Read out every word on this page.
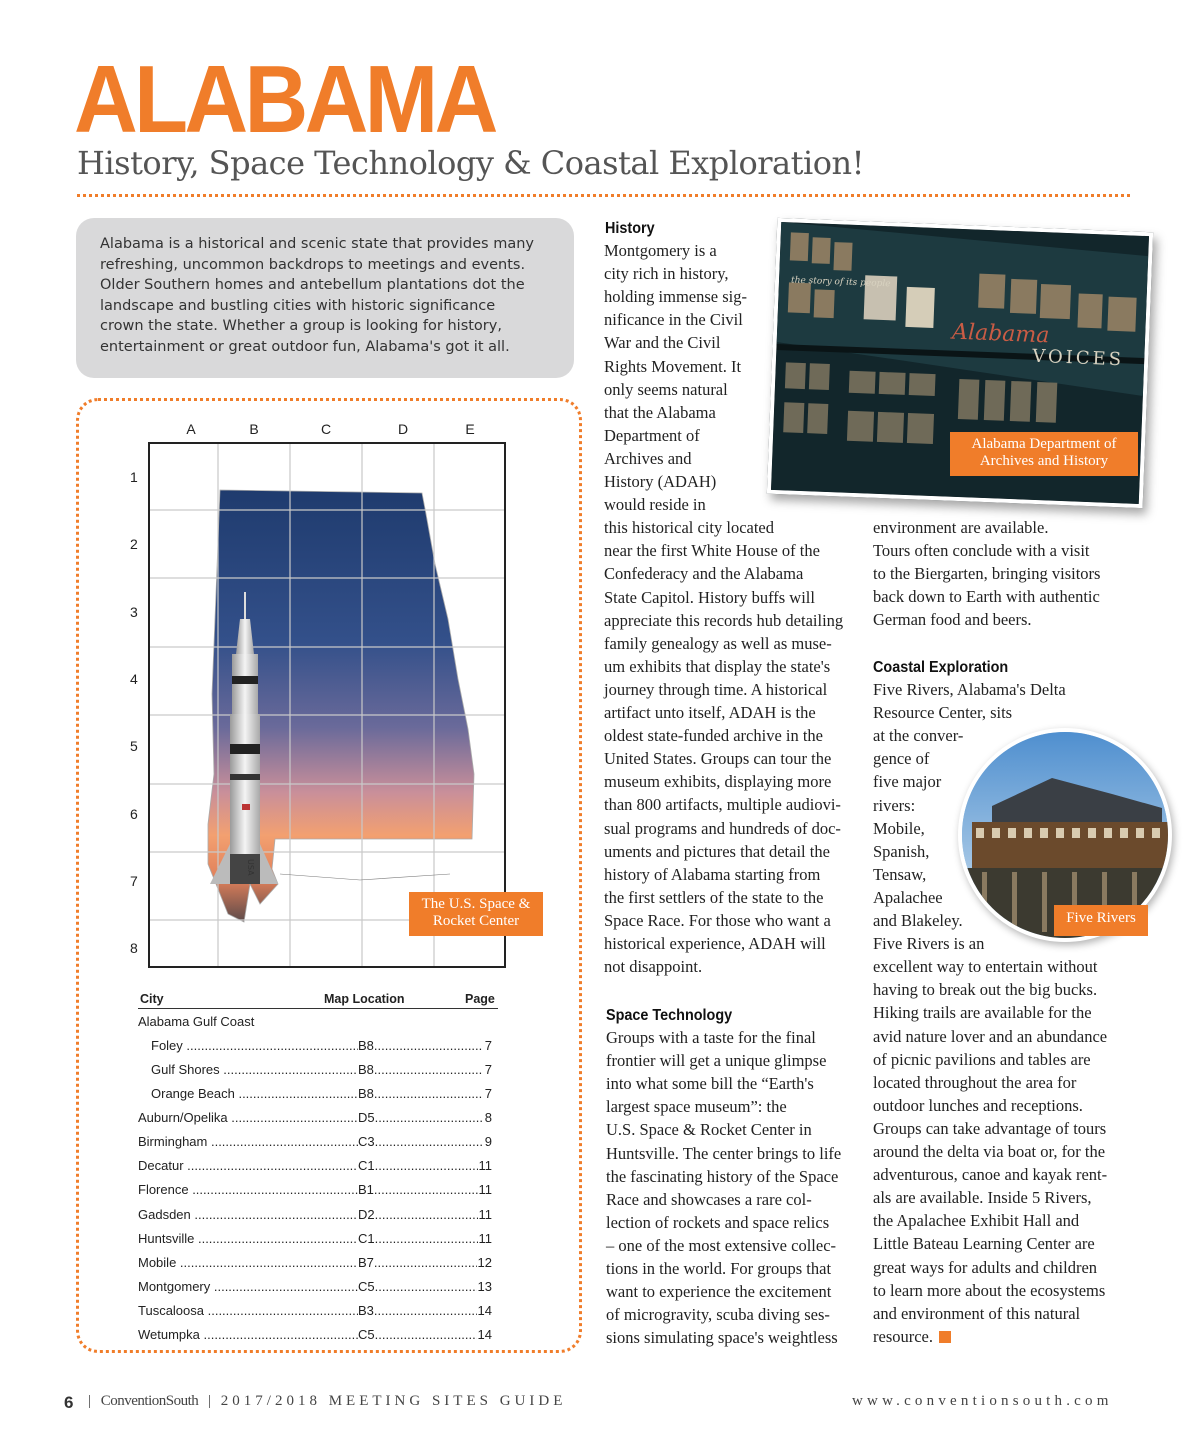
ALABAMA
History, Space Technology & Coastal Exploration!
Alabama is a historical and scenic state that provides many
refreshing, uncommon backdrops to meetings and events.
Older Southern homes and antebellum plantations dot the
landscape and bustling cities with historic significance
crown the state. Whether a group is looking for history,
entertainment or great outdoor fun, Alabama's got it all.
A	B	C	D	E
1
2
3
4
5
6
7
8
USA
The U.S. Space &
Rocket Center
City	Map Location	Page
Alabama Gulf Coast
Foley .....	B8 .....	7
Gulf Shores .....	B8 .....	7
Orange Beach .....	B8 .....	7
Auburn/Opelika .....	D5 .....	8
Birmingham .....	C3 .....	9
Decatur .....	C1 .....	11
Florence .....	B1 .....	11
Gadsden .....	D2 .....	11
Huntsville .....	C1 .....	11
Mobile .....	B7 .....	12
Montgomery .....	C5 .....	13
Tuscaloosa .....	B3 .....	14
Wetumpka .....	C5 .....	14
Alabama
VOICES
the story of its people
Alabama Department of
Archives and History
Five Rivers
History
Montgomery is a
city rich in history,
holding immense sig-
nificance in the Civil
War and the Civil
Rights Movement. It
only seems natural
that the Alabama
Department of
Archives and
History (ADAH)
would reside in
this historical city located
near the first White House of the
Confederacy and the Alabama
State Capitol. History buffs will
appreciate this records hub detailing
family genealogy as well as muse-
um exhibits that display the state's
journey through time. A historical
artifact unto itself, ADAH is the
oldest state-funded archive in the
United States. Groups can tour the
museum exhibits, displaying more
than 800 artifacts, multiple audiovi-
sual programs and hundreds of doc-
uments and pictures that detail the
history of Alabama starting from
the first settlers of the state to the
Space Race. For those who want a
historical experience, ADAH will
not disappoint.
Space Technology
Groups with a taste for the final
frontier will get a unique glimpse
into what some bill the “Earth's
largest space museum”: the
U.S. Space & Rocket Center in
Huntsville. The center brings to life
the fascinating history of the Space
Race and showcases a rare col-
lection of rockets and space relics
– one of the most extensive collec-
tions in the world. For groups that
want to experience the excitement
of microgravity, scuba diving ses-
sions simulating space's weightless
environment are available.
Tours often conclude with a visit
to the Biergarten, bringing visitors
back down to Earth with authentic
German food and beers.
Coastal Exploration
Five Rivers, Alabama's Delta
Resource Center, sits
at the conver-
gence of
five major
rivers:
Mobile,
Spanish,
Tensaw,
Apalachee
and Blakeley.
Five Rivers is an
excellent way to entertain without
having to break out the big bucks.
Hiking trails are available for the
avid nature lover and an abundance
of picnic pavilions and tables are
located throughout the area for
outdoor lunches and receptions.
Groups can take advantage of tours
around the delta via boat or, for the
adventurous, canoe and kayak rent-
als are available. Inside 5 Rivers,
the Apalachee Exhibit Hall and
Little Bateau Learning Center are
great ways for adults and children
to learn more about the ecosystems
and environment of this natural
resource.
6 | ConventionSouth | 2017/2018 MEETING SITES GUIDE	www.conventionsouth.com
